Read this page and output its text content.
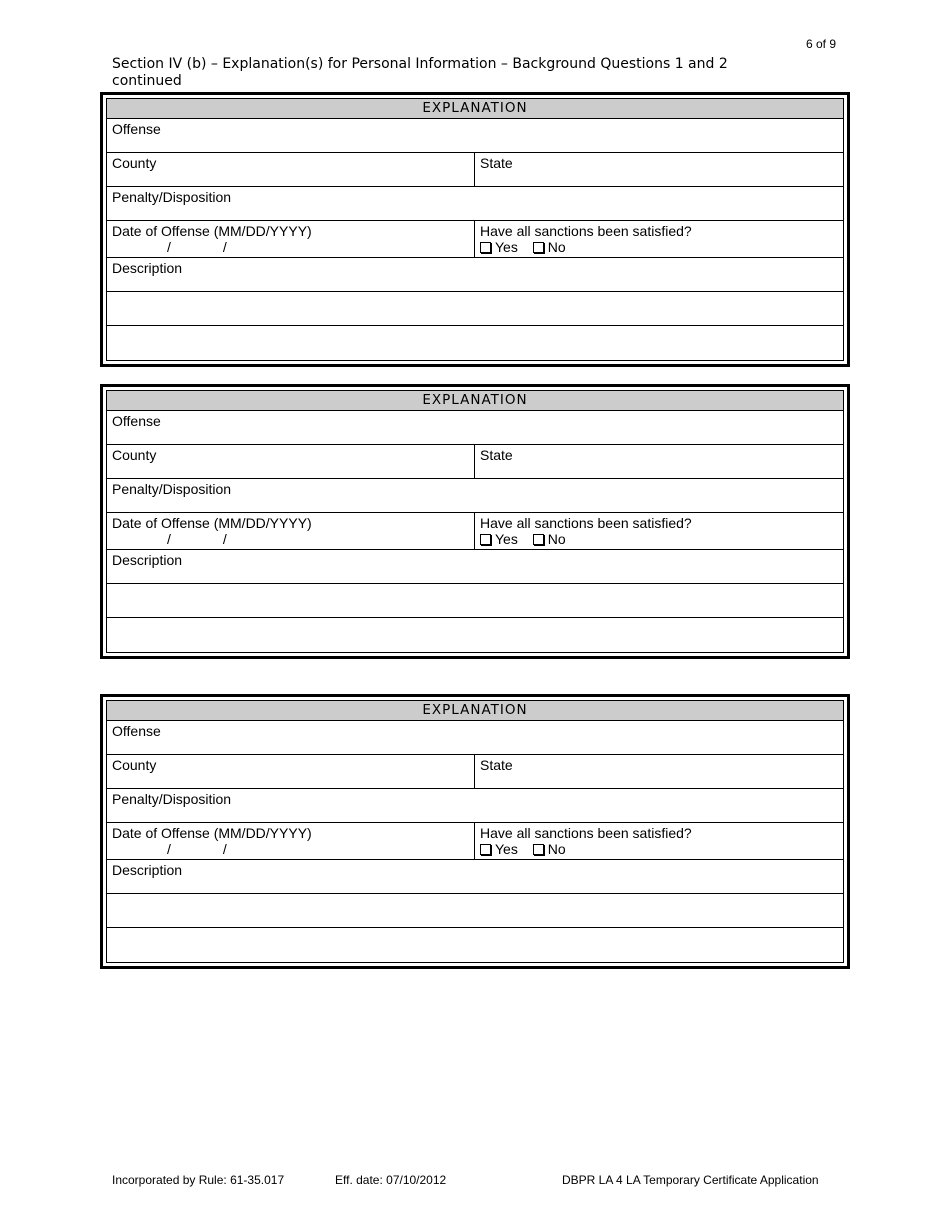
6 of 9
Section IV (b) – Explanation(s) for Personal Information – Background Questions 1 and 2 continued
EXPLANATION
Offense
County	State
Penalty/Disposition
Date of Offense (MM/DD/YYYY)
/	/
Have all sanctions been satisfied?
Yes No
Description
EXPLANATION
Offense
County	State
Penalty/Disposition
Date of Offense (MM/DD/YYYY)
/	/
Have all sanctions been satisfied?
Yes No
Description
EXPLANATION
Offense
County	State
Penalty/Disposition
Date of Offense (MM/DD/YYYY)
/	/
Have all sanctions been satisfied?
Yes No
Description
Incorporated by Rule: 61-35.017	Eff. date: 07/10/2012	DBPR LA 4 LA Temporary Certificate Application
